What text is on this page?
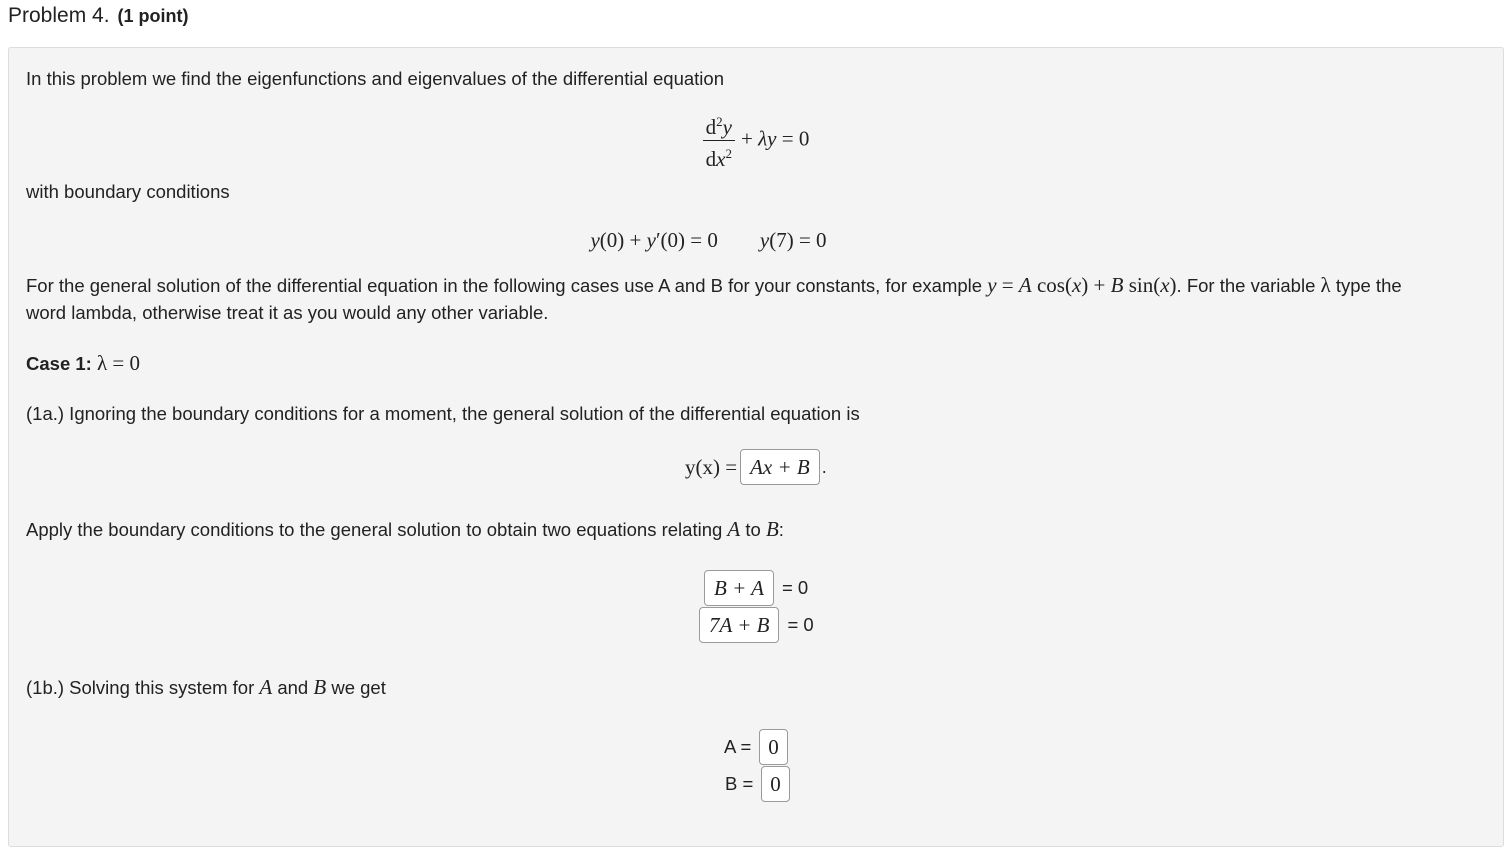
Problem 4. (1 point)
In this problem we find the eigenfunctions and eigenvalues of the differential equation
$\frac{d^2y}{dx^2} + \lambda y = 0$
with boundary conditions
y(0) + y′(0) = 0 y(7) = 0
For the general solution of the differential equation in the following cases use A and B for your constants, for example y = A cos(x) + B sin(x). For the variable λ type the
word lambda, otherwise treat it as you would any other variable.
Case 1: λ = 0
(1a.) Ignoring the boundary conditions for a moment, the general solution of the differential equation is
y(x) = Ax + B .
Apply the boundary conditions to the general solution to obtain two equations relating A to B:
B + A = 0
7A + B = 0
(1b.) Solving this system for A and B we get
A = 0
B = 0
